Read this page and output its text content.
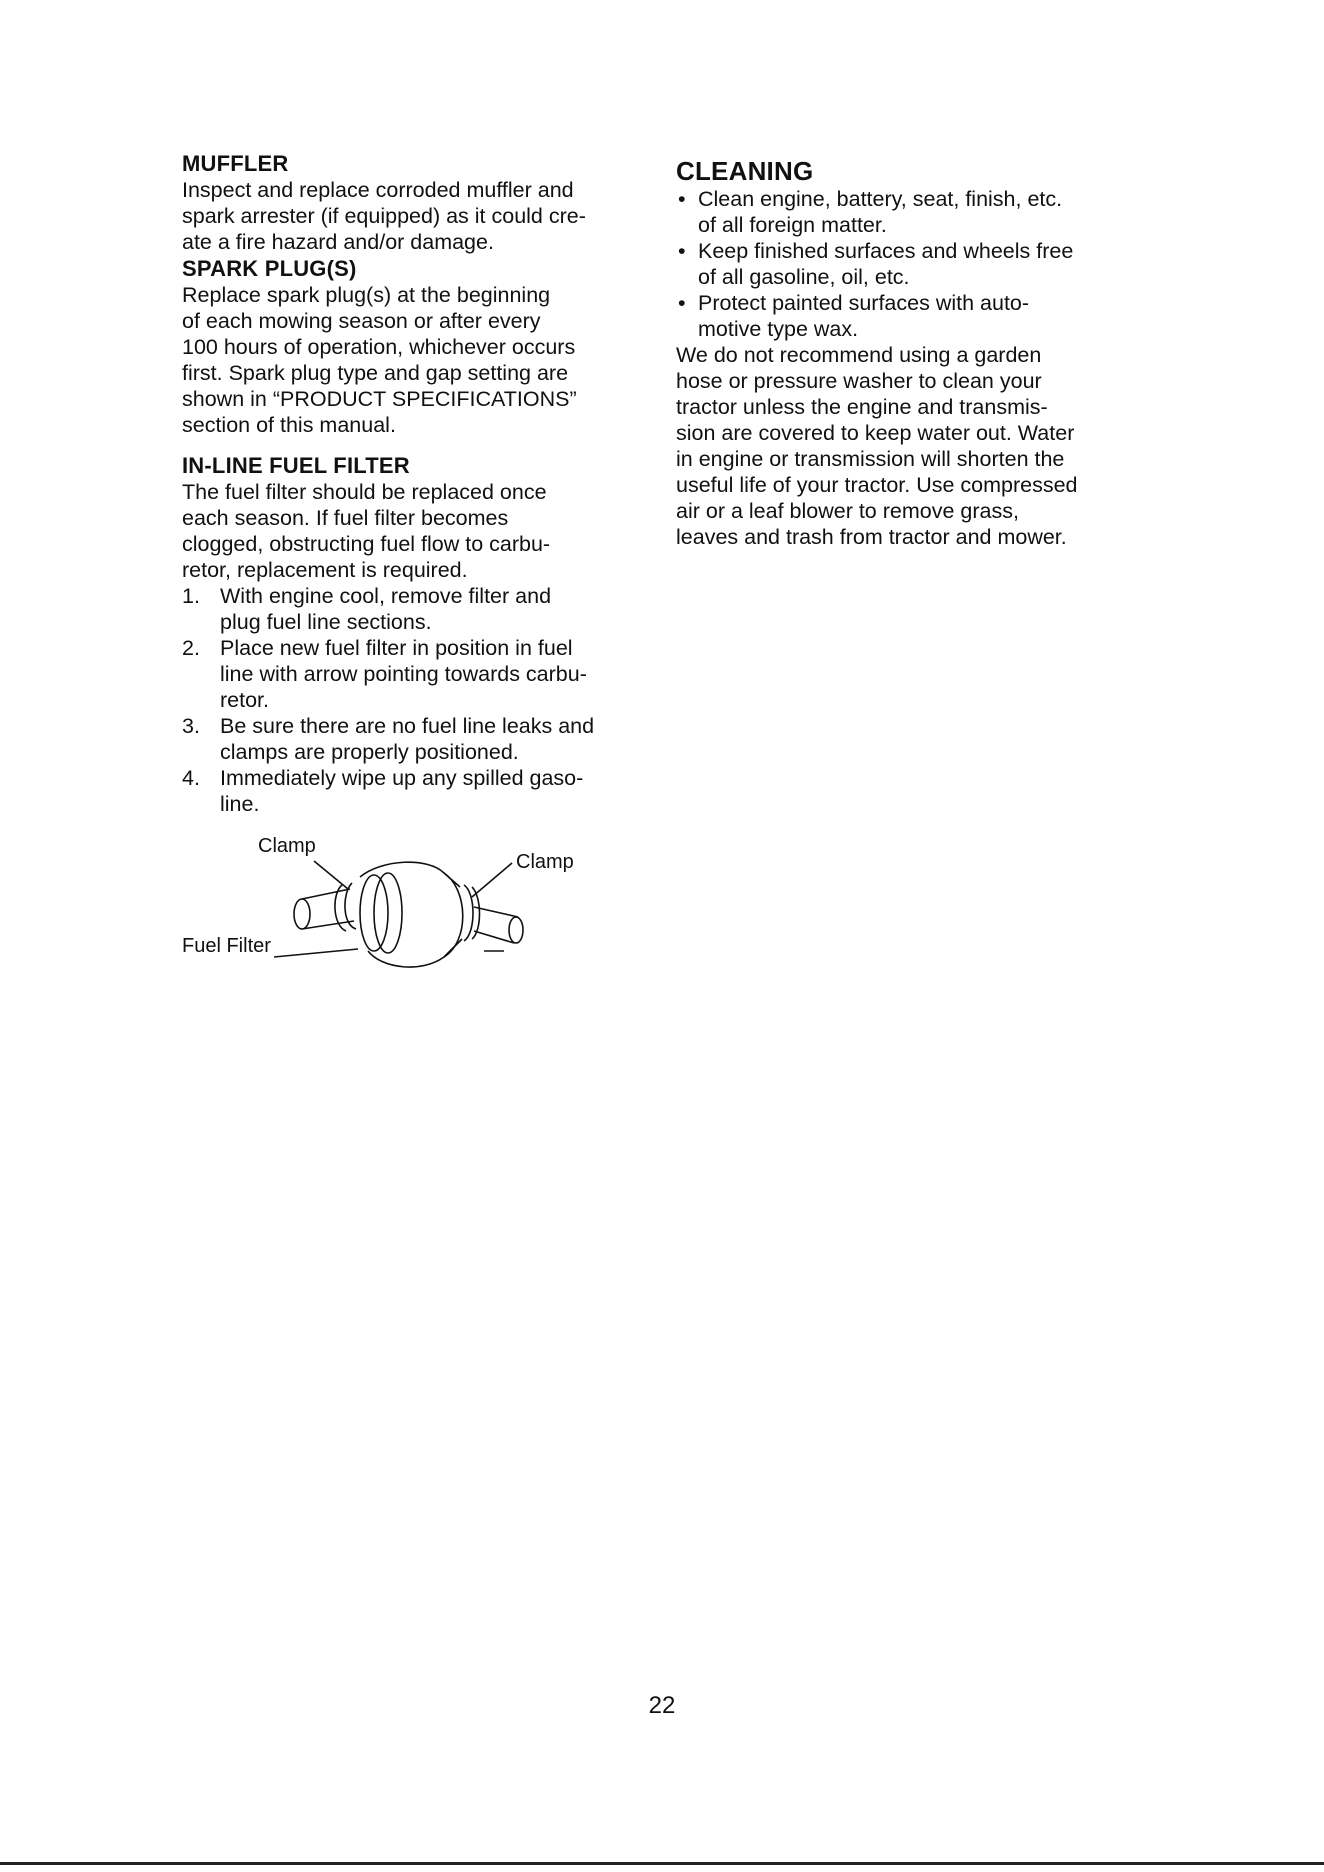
MUFFLER

Inspect and replace corroded muffler and

spark arrester (if equipped) as it could cre-

ate a fire hazard and/or damage.

SPARK PLUG(S)

Replace spark plug(s) at the beginning

of each mowing season or after every

100 hours of operation, whichever occurs

first. Spark plug type and gap setting are

shown in “PRODUCT SPECIFICATIONS”

section of this manual.

IN-LINE FUEL FILTER

The fuel filter should be replaced once

each season. If fuel filter becomes

clogged, obstructing fuel flow to carbu-

retor, replacement is required.

1. With engine cool, remove filter and
plug fuel line sections.
2. Place new fuel filter in position in fuel
line with arrow pointing towards carbu-
retor.
3. Be sure there are no fuel line leaks and
clamps are properly positioned.
4. Immediately wipe up any spilled gaso-
line.
Clamp
Clamp
Fuel Filter
CLEANING
• Clean engine, battery, seat, finish, etc.
of all foreign matter.
• Keep finished surfaces and wheels free
of all gasoline, oil, etc.
• Protect painted surfaces with auto-
motive type wax.

We do not recommend using a garden

hose or pressure washer to clean your

tractor unless the engine and transmis-

sion are covered to keep water out. Water

in engine or transmission will shorten the

useful life of your tractor. Use compressed

air or a leaf blower to remove grass,

leaves and trash from tractor and mower.

22
